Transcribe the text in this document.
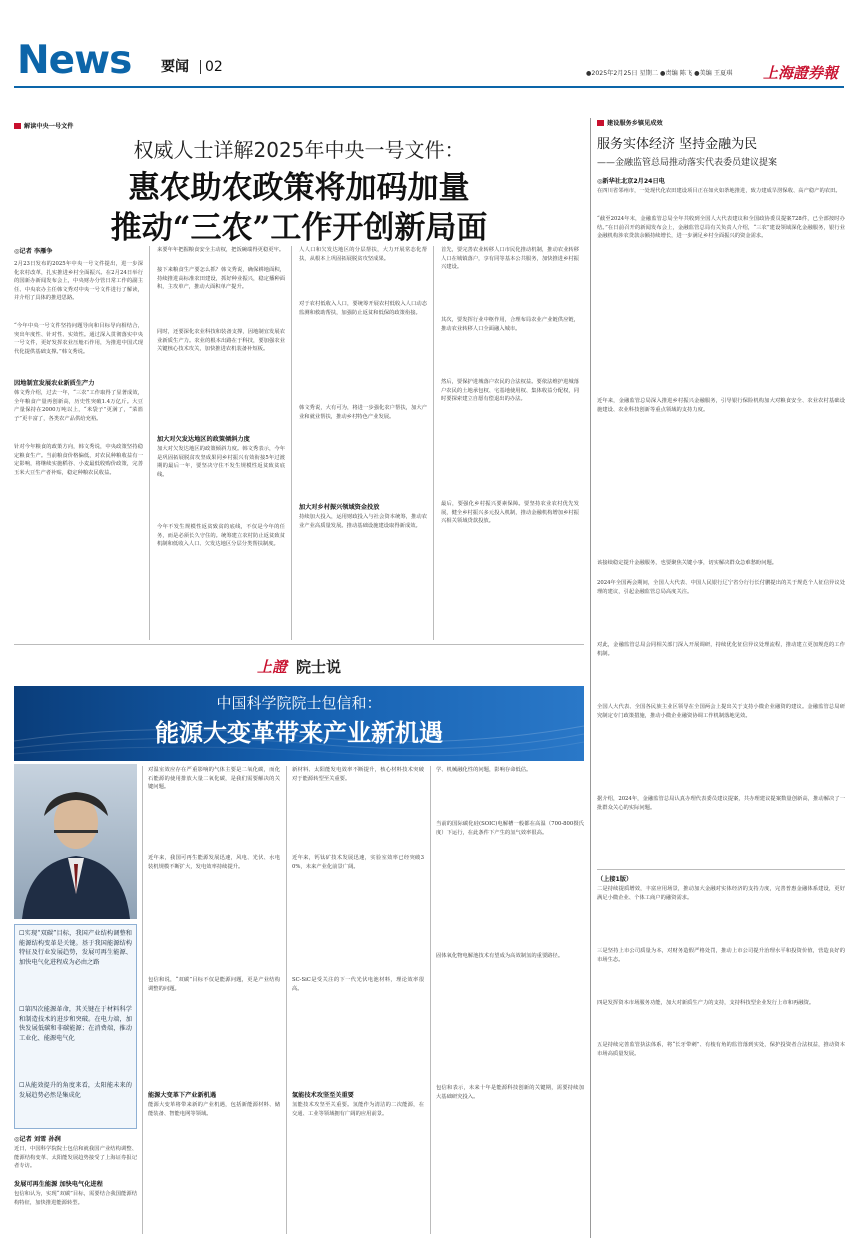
News 要闻 02	●2025年2月25日 星期二 ●责编 陈飞 ●美编 王夏琪 上海證券報
解读中央一号文件
权威人士详解2025年中央一号文件：
惠农助农政策将加码加量
推动“三农”工作开创新局面
◎记者 李雁争

2月23日发布的2025年中央一号文件提出，进一步深化农村改革，扎实推进乡村全面振兴。在2月24日举行的国新办新闻发布会上，中央财办分管日常工作的副主任、中央农办主任韩文秀对中央一号文件进行了解读，并介绍了具体的推进思路。

“今年中央一号文件坚持问题导向和目标导向相结合，突出年度性、针对性、实效性。通过深入贯彻落实中央一号文件，更好发挥农业压舱石作用，为推进中国式现代化提供基础支撑。”韩文秀说。

因地制宜发展农业新质生产力

韩文秀介绍，过去一年，“三农”工作取得了显著成效，全年粮食产量再创新高，历史性突破1.4万亿斤。大豆产量保持在2000万吨以上，“米袋子”更满了，“菜篮子”更丰富了，各类农产品供给充裕。

针对今年粮食的政策方向，韩文秀说，中央政策坚持稳定粮食生产。当前粮食价格偏低，对农民种粮收益有一定影响，将继续实施稻谷、小麦最低收购价政策，完善玉米大豆生产者补贴，稳定种粮农民收益。

来要年年把握粮食安全主动权，把饭碗端得更稳更牢。

接下来粮食生产要怎么抓？韩文秀说，确保耕地面积，持续推进高标准农田建设，抓好种业振兴，稳定播种面积，主攻单产，推动大面积单产提升。

同时，还要深化农业科技和装备支撑，因地制宜发展农业新质生产力。农业的根本出路在于科技，要加强农业关键核心技术攻关，加快推进农机装备补短板。

加大对欠发达地区的政策倾斜力度

加大对欠发达地区的政策倾斜力度。韩文秀表示，今年是巩固拓展脱贫攻坚成果同乡村振兴有效衔接5年过渡期的最后一年，要坚决守住不发生规模性返贫致贫底线。

今年不发生规模性返贫致贫的底线，不仅是今年的任务，而是必须长久守住的。统筹建立农村防止返贫致贫机制和低收入人口、欠发达地区分层分类帮扶制度。

人人口和欠发达地区的分层帮扶，大力开展常态化帮扶，从根本上巩固拓展脱贫攻坚成果。

对于农村低收入人口，要统筹开展农村低收入人口动态监测和救助帮扶，加强防止返贫和低保的政策衔接。

韩文秀说，大有可为，将进一步强化农户帮扶，加大产业和就业帮扶，推动乡村特色产业发展。

加大对乡村振兴领域资金投放

持续加大投入，运用财政投入与社会资本统筹，推动农业产业高质量发展。推动基础设施建设取得新成效。

首先，要完善农业转移人口市民化推动机制，推动农业转移人口在城镇落户，享有同等基本公共服务，加快推进乡村振兴建设。

其次，要发挥行业中枢作用，合理布局农业产业链供应链，推动农业转移人口全面融入城市。

然后，要保护进城落户农民的合法权益。要依法维护进城落户农民的土地承包权、宅基地使用权、集体收益分配权，同时要探索建立自愿有偿退出的办法。

最后，要强化乡村振兴要素保障。要坚持农业农村优先发展，健全乡村振兴多元投入机制，推动金融机构增加乡村振兴相关领域贷款投放。

上證 院士说
中国科学院院士包信和：
能源大变革带来产业新机遇

☐实现“双碳”目标，我国产业结构调整和能源结构变革是关键。基于我国能源结构特征及行业发展趋势，发展可再生能源、加快电气化进程成为必由之路

☐第四次能源革命，其关键在于材料科学和制造技术的进步和突破。在电力端，加快发展低碳和非碳能源；在消费端，推动工业化、能源电气化

☐从能效提升的角度来看，太阳能未来的发展趋势必然是集成化

◎记者 刘雪 孙润

近日，中国科学院院士包信和就我国产业结构调整、能源结构变革、太阳能发展趋势接受了上海证券报记者专访。

发展可再生能源 加快电气化进程

包信和认为，实现“双碳”目标，需要结合我国能源结构特征，加快推进能源转型。

对温室效应存在严重影响的气体主要是二氧化碳，而化石能源的使用排放大量二氧化碳，是我们需要解决的关键问题。

近年来，我国可再生能源发展迅速，风电、光伏、水电装机规模不断扩大，发电效率持续提升。

包信和说，“双碳”目标不仅是能源问题，更是产业结构调整的问题。

能源大变革下产业新机遇

能源大变革将带来新的产业机遇，包括新能源材料、储能装备、智能电网等领域。

新材料、太阳能发电效率不断提升，核心材料技术突破对于能源转型至关重要。

近年来，钙钛矿技术发展迅速，实验室效率已经突破30%，未来产业化前景广阔。

SC-SiC是受关注的下一代光伏电池材料，理论效率很高。

氢能技术攻坚至关重要

氢能技术攻坚至关重要。氢能作为清洁的二次能源，在交通、工业等领域拥有广阔的应用前景。

学、机械融化性的问题，影响存命低估。

当前的国际碳化硅(SOIC)电解槽一般都在高温（700-800摄氏度）下运行，在此条件下产生的氢气效率很高。

固体氧化物电解池技术有望成为高效制氢的重要路径。

包信和表示，未来十年是能源科技创新的关键期，需要持续加大基础研究投入。

建设服务乡镇见成效
服务实体经济 坚持金融为民
——金融监管总局推动落实代表委员建议提案
◎新华社北京2月24日电

在四川省邻州市，一处现代化农田建设项目正在如火如荼地推进，致力建成旱涝保收、高产稳产的农田。

“截至2024年末，金融监管总局全年共收到全国人大代表建议和全国政协委员提案728件，已全部按时办结。”在日前召开的新闻发布会上，金融监管总局有关负责人介绍，“三农”建设领域深化金融服务，银行业金融机构涉农贷款余额持续增长，进一步满足乡村全面振兴的资金需求。

近年来，金融监管总局深入推进乡村振兴金融服务，引导银行保险机构加大对粮食安全、农业农村基础设施建设、农业科技创新等重点领域的支持力度。

该接续稳定提升金融服务，也要聚焦关键小事，切实解决群众急难愁盼问题。

2024年全国两会期间，全国人大代表、中国人民银行辽宁省分行行长付鹏提出的关于规范个人征信异议处理的建议，引起金融监管总局高度关注。

对此，金融监管总局会同相关部门深入开展调研，持续优化征信异议处理流程，推动建立更加规范的工作机制。

全国人大代表、全国各民族主业区领导在全国两会上提出关于支持小微企业融资的建议。金融监管总局研究制定专门政策措施，推动小微企业融资协调工作机制落地见效。

据介绍，2024年，金融监管总局认真办理代表委员建议提案，共办理建议提案数量创新高，推动解决了一批群众关心的实际问题。

（上接1版）

二是持续提质增效，丰富应用场景，推动加大金融对实体经济的支持力度，完善普惠金融体系建设，更好满足小微企业、个体工商户的融资需求。

三是坚持上市公司质量为本，对财务造假严格处罚，推动上市公司提升治理水平和投资价值，营造良好的市场生态。

四是发挥资本市场服务功能，加大对新质生产力的支持，支持科技型企业发行上市和再融资。

五是持续完善监管执法体系，将“长牙带刺”、有棱有角的监管落到实处，保护投资者合法权益，推动资本市场高质量发展。
